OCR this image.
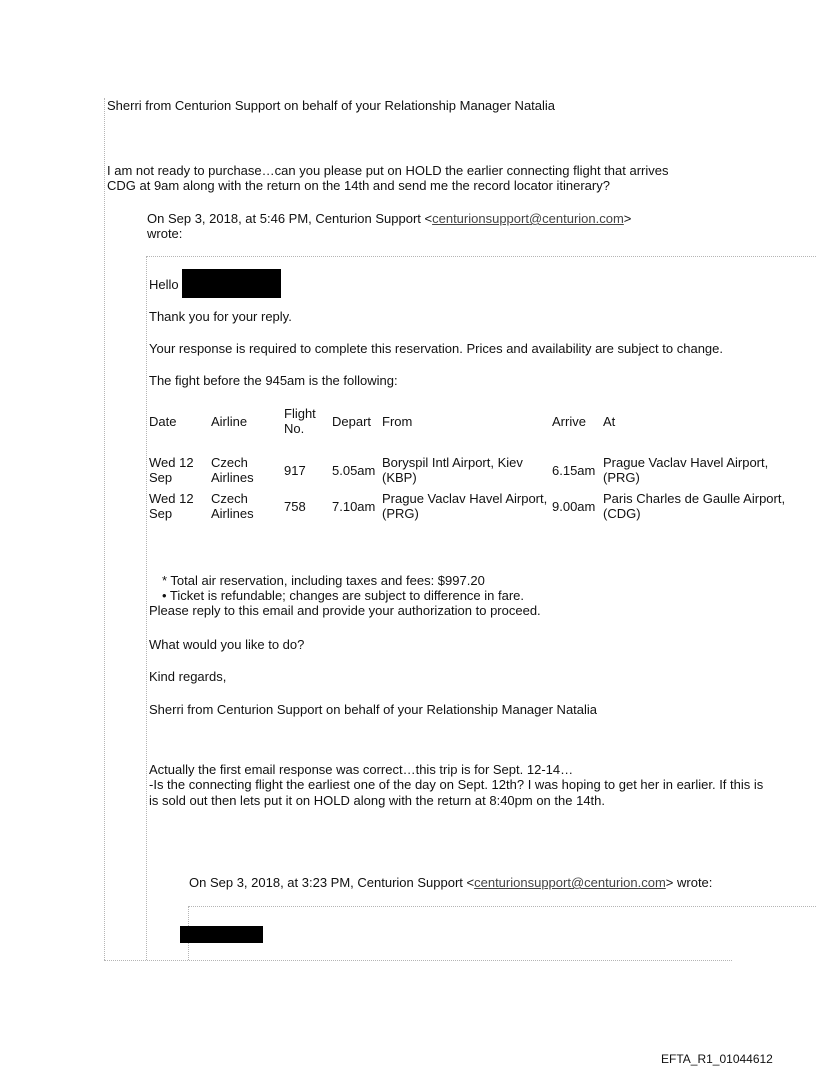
Sherri from Centurion Support on behalf of your Relationship Manager Natalia
I am not ready to purchase…can you please put on HOLD the earlier connecting flight that arrives
CDG at 9am along with the return on the 14th and send me the record locator itinerary?
On Sep 3, 2018, at 5:46 PM, Centurion Support <centurionsupport@centurion.com>
wrote:
Hello
Thank you for your reply.
Your response is required to complete this reservation. Prices and availability are subject to change.
The fight before the 945am is the following:
Date	Airline	Flight No.	Depart	From	Arrive	At

Wed 12 Sep	Czech Airlines	917	5.05am	Boryspil Intl Airport, Kiev (KBP)	6.15am	Prague Vaclav Havel Airport, (PRG)

Wed 12 Sep	Czech Airlines	758	7.10am	Prague Vaclav Havel Airport, (PRG)	9.00am	Paris Charles de Gaulle Airport, (CDG)
* Total air reservation, including taxes and fees: $997.20
• Ticket is refundable; changes are subject to difference in fare.
Please reply to this email and provide your authorization to proceed.
What would you like to do?
Kind regards,
Sherri from Centurion Support on behalf of your Relationship Manager Natalia
Actually the first email response was correct…this trip is for Sept. 12-14…
-Is the connecting flight the earliest one of the day on Sept. 12th? I was hoping to get her in earlier. If this is
is sold out then lets put it on HOLD along with the return at 8:40pm on the 14th.
On Sep 3, 2018, at 3:23 PM, Centurion Support <centurionsupport@centurion.com> wrote:
EFTA_R1_01044612
